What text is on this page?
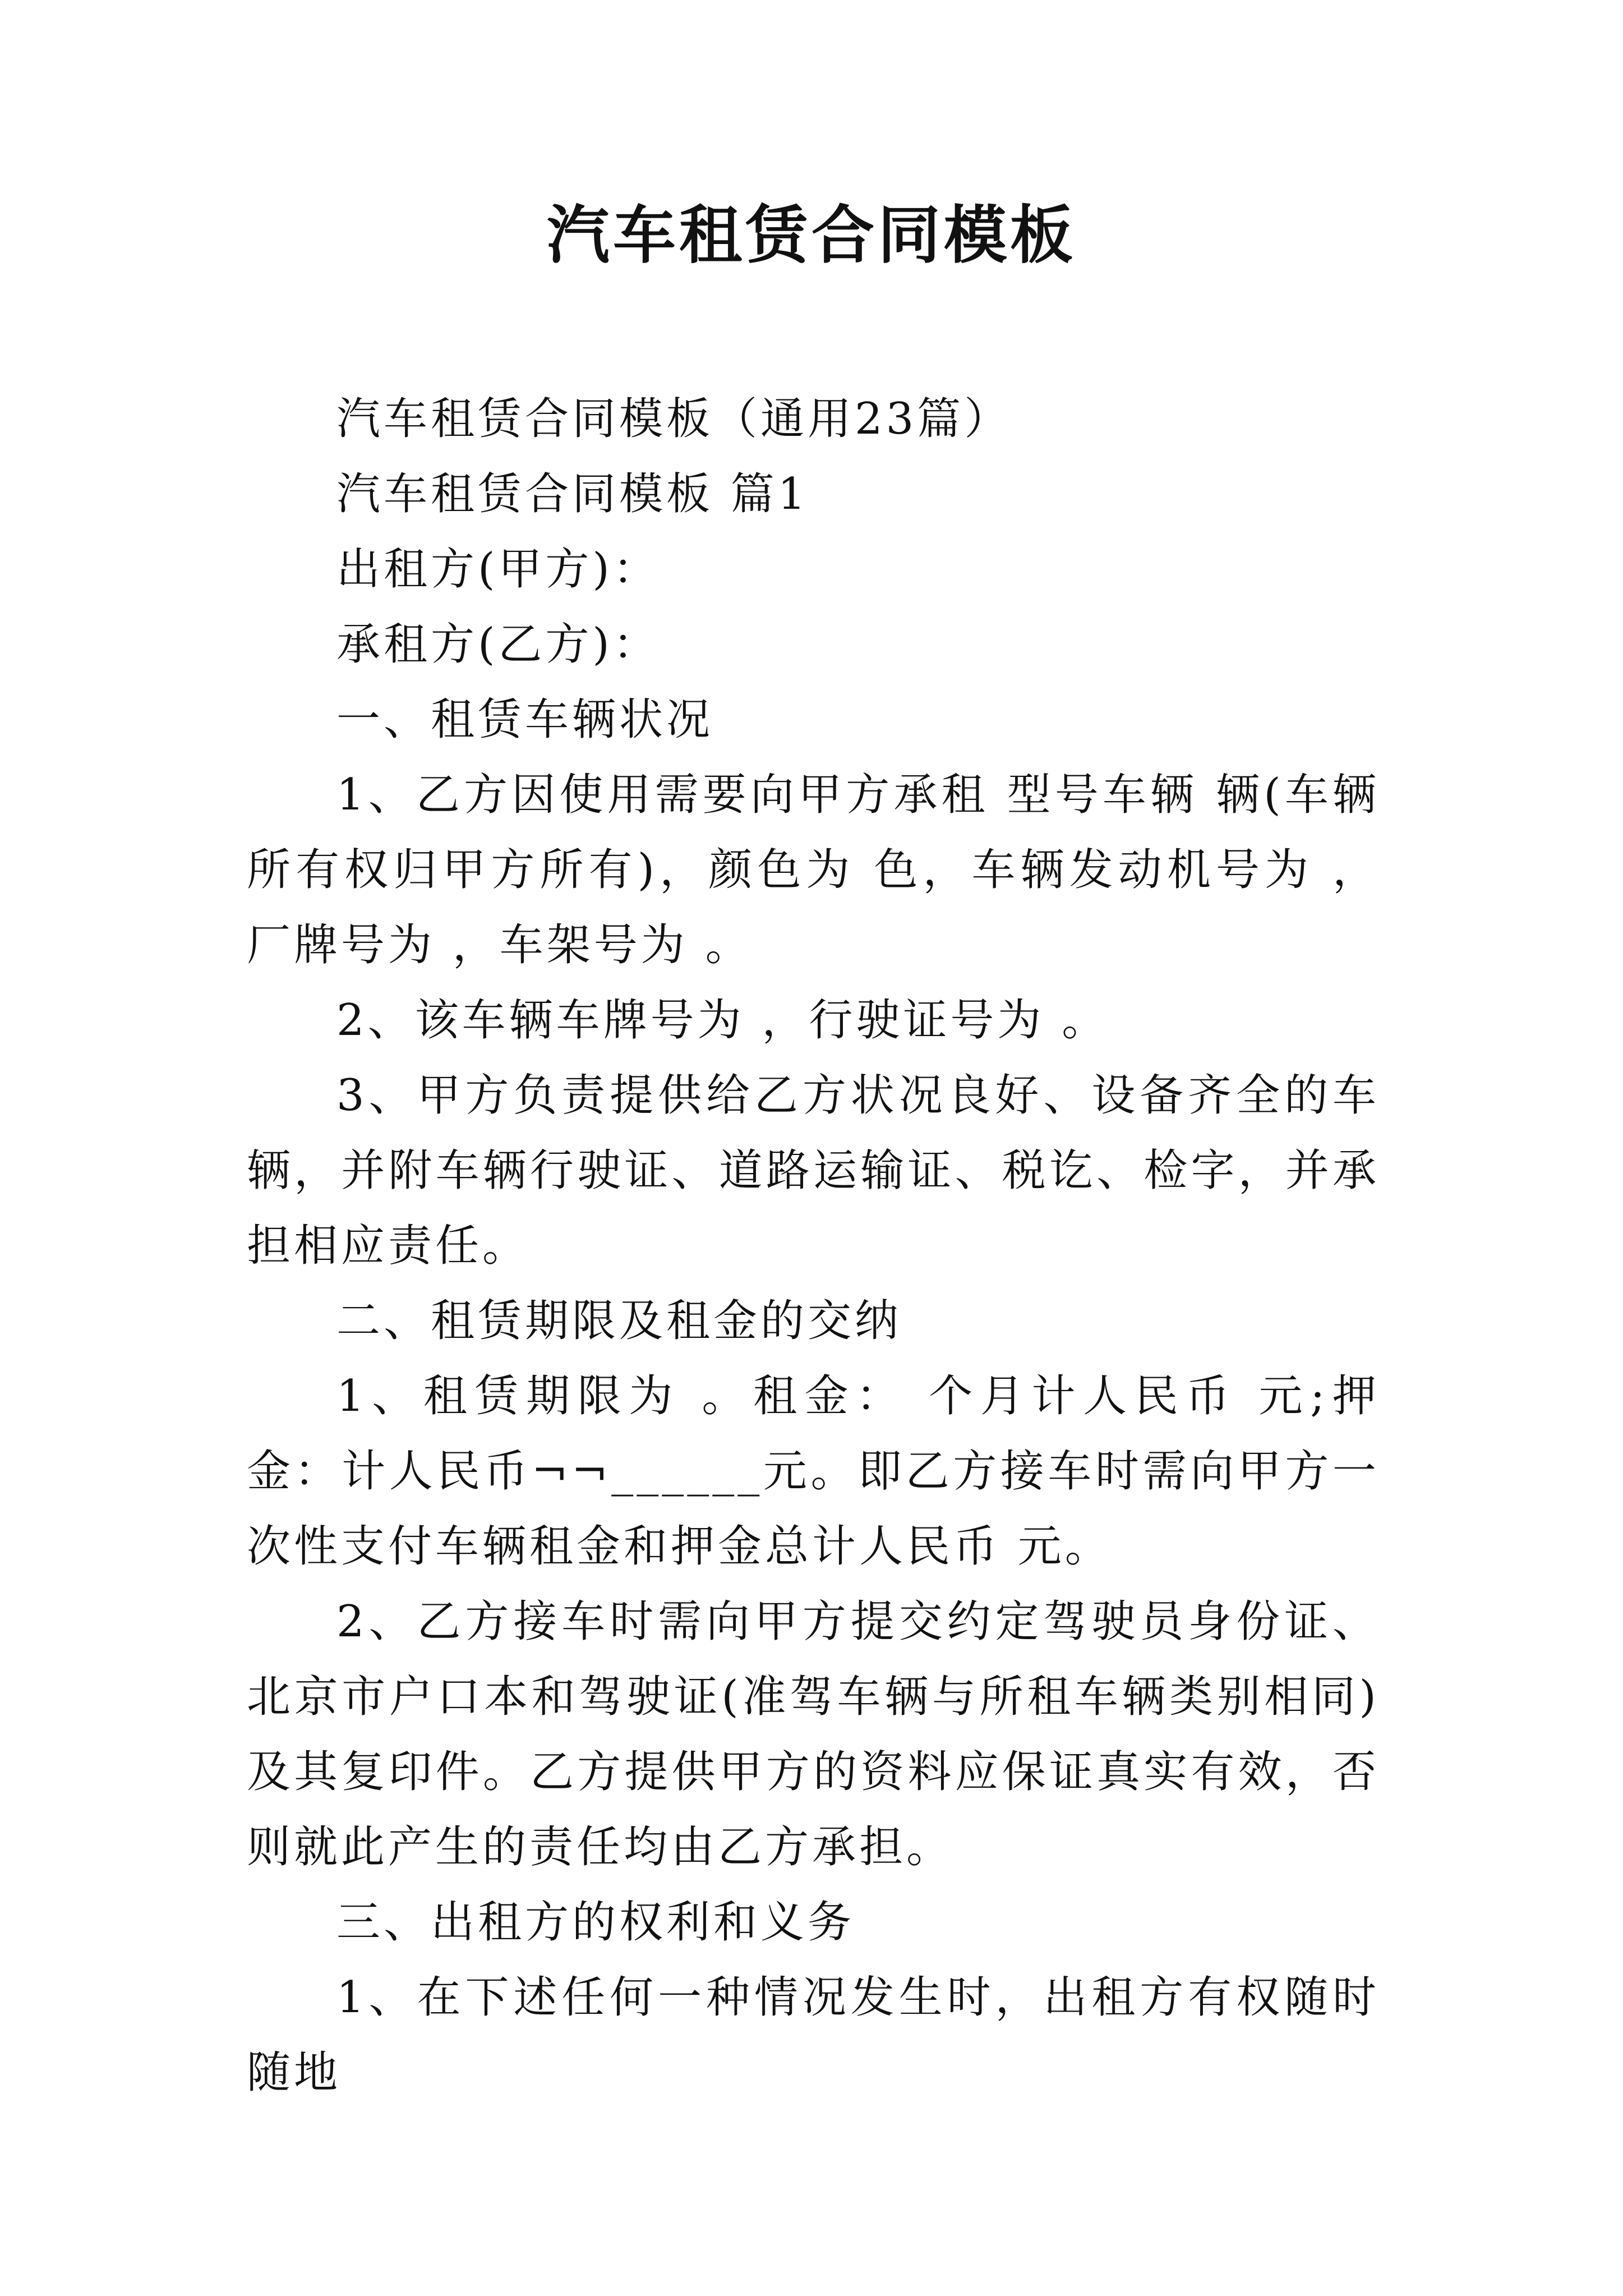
汽车租赁合同模板

汽车租赁合同模板（通用23篇）

汽车租赁合同模板 篇1

出租方(甲方)：

承租方(乙方)：

一、租赁车辆状况

1、乙方因使用需要向甲方承租 型号车辆 辆(车辆所有权归甲方所有)，颜色为 色，车辆发动机号为 ，厂牌号为 ，车架号为 。

2、该车辆车牌号为 ，行驶证号为 。

3、甲方负责提供给乙方状况良好、设备齐全的车辆，并附车辆行驶证、道路运输证、税讫、检字，并承担相应责任。

二、租赁期限及租金的交纳

1、租赁期限为 。租金： 个月计人民币 元;押金：计人民币¬¬______元。即乙方接车时需向甲方一次性支付车辆租金和押金总计人民币 元。

2、乙方接车时需向甲方提交约定驾驶员身份证、北京市户口本和驾驶证(准驾车辆与所租车辆类别相同)及其复印件。乙方提供甲方的资料应保证真实有效，否则就此产生的责任均由乙方承担。

三、出租方的权利和义务

1、在下述任何一种情况发生时，出租方有权随时随地
